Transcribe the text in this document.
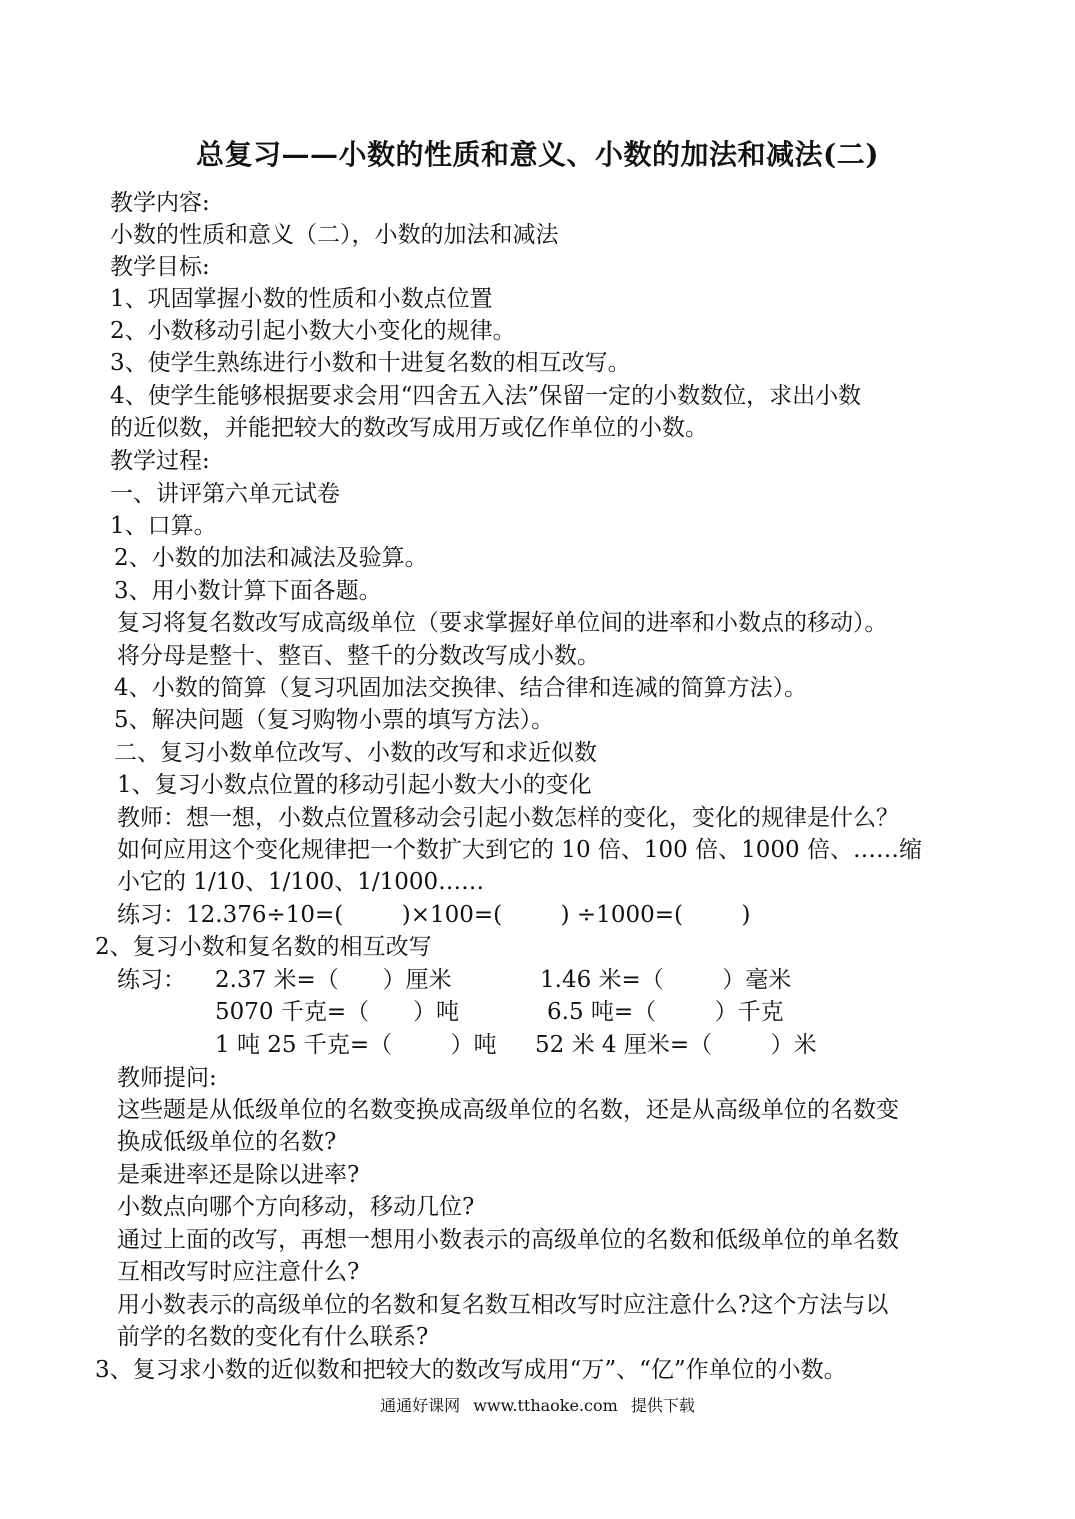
总复习——小数的性质和意义、小数的加法和减法(二)
教学内容:
小数的性质和意义（二），小数的加法和减法
教学目标:
1、巩固掌握小数的性质和小数点位置
2、小数移动引起小数大小变化的规律。
3、使学生熟练进行小数和十进复名数的相互改写。
4、使学生能够根据要求会用“四舍五入法”保留一定的小数数位，求出小数
的近似数，并能把较大的数改写成用万或亿作单位的小数。
教学过程:
一、讲评第六单元试卷
1、口算。
2、小数的加法和减法及验算。
3、用小数计算下面各题。
复习将复名数改写成高级单位（要求掌握好单位间的进率和小数点的移动）。
将分母是整十、整百、整千的分数改写成小数。
4、小数的简算（复习巩固加法交换律、结合律和连减的简算方法）。
5、解决问题（复习购物小票的填写方法）。
二、复习小数单位改写、小数的改写和求近似数
1、复习小数点位置的移动引起小数大小的变化
教师：想一想，小数点位置移动会引起小数怎样的变化，变化的规律是什么？
如何应用这个变化规律把一个数扩大到它的 10 倍、100 倍、1000 倍、……缩
小它的 1/10、1/100、1/1000……
练习：12.376÷10=(        )×100=(        ) ÷1000=(        )
2、复习小数和复名数的相互改写
练习： 2.37 米=（      ）厘米	1.46 米=（        ）毫米
5070 千克=（      ）吨	6.5 吨=（        ）千克
1 吨 25 千克=（        ）吨 52 米 4 厘米=（        ）米
教师提问:
这些题是从低级单位的名数变换成高级单位的名数，还是从高级单位的名数变
换成低级单位的名数?
是乘进率还是除以进率?
小数点向哪个方向移动，移动几位?
通过上面的改写，再想一想用小数表示的高级单位的名数和低级单位的单名数
互相改写时应注意什么?
用小数表示的高级单位的名数和复名数互相改写时应注意什么?这个方法与以
前学的名数的变化有什么联系?
3、复习求小数的近似数和把较大的数改写成用“万”、“亿”作单位的小数。
通通好课网 www.tthaoke.com 提供下载
